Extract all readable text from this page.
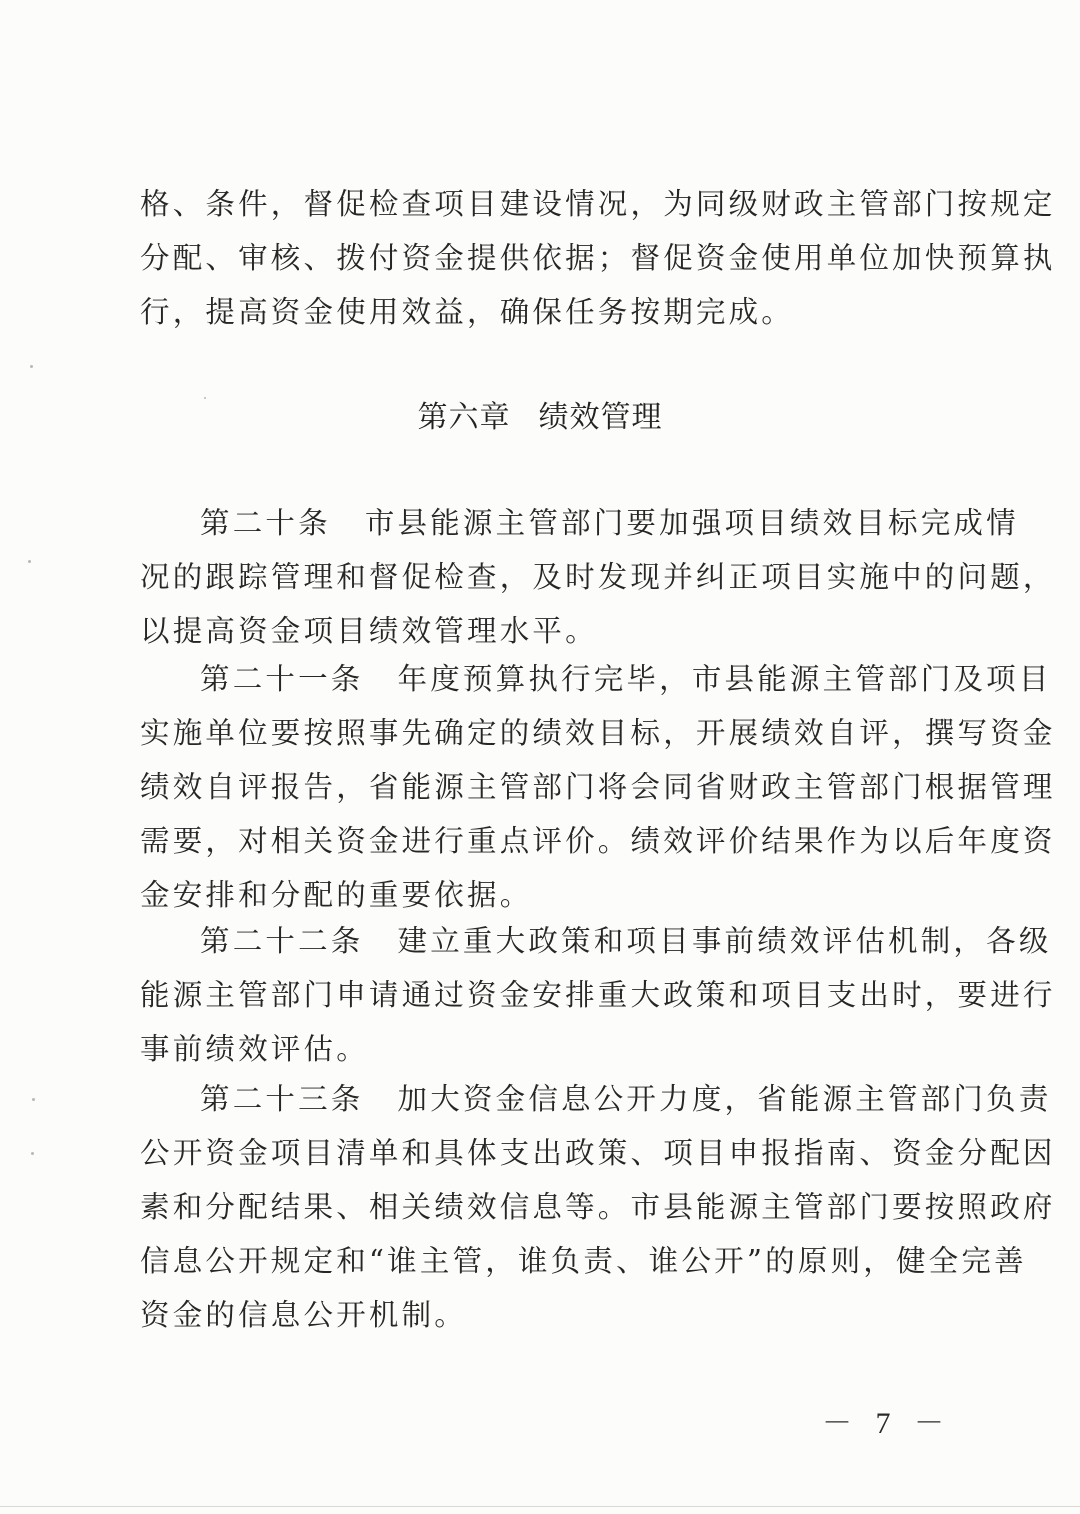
格、条件，督促检查项目建设情况，为同级财政主管部门按规定
分配、审核、拨付资金提供依据；督促资金使用单位加快预算执
行，提高资金使用效益，确保任务按期完成。
第六章 绩效管理
第二十条 市县能源主管部门要加强项目绩效目标完成情
况的跟踪管理和督促检查，及时发现并纠正项目实施中的问题，
以提高资金项目绩效管理水平。
第二十一条 年度预算执行完毕，市县能源主管部门及项目
实施单位要按照事先确定的绩效目标，开展绩效自评，撰写资金
绩效自评报告，省能源主管部门将会同省财政主管部门根据管理
需要，对相关资金进行重点评价。绩效评价结果作为以后年度资
金安排和分配的重要依据。
第二十二条 建立重大政策和项目事前绩效评估机制，各级
能源主管部门申请通过资金安排重大政策和项目支出时，要进行
事前绩效评估。
第二十三条 加大资金信息公开力度，省能源主管部门负责
公开资金项目清单和具体支出政策、项目申报指南、资金分配因
素和分配结果、相关绩效信息等。市县能源主管部门要按照政府
信息公开规定和“谁主管，谁负责、谁公开”的原则，健全完善
资金的信息公开机制。
－ 7 －
